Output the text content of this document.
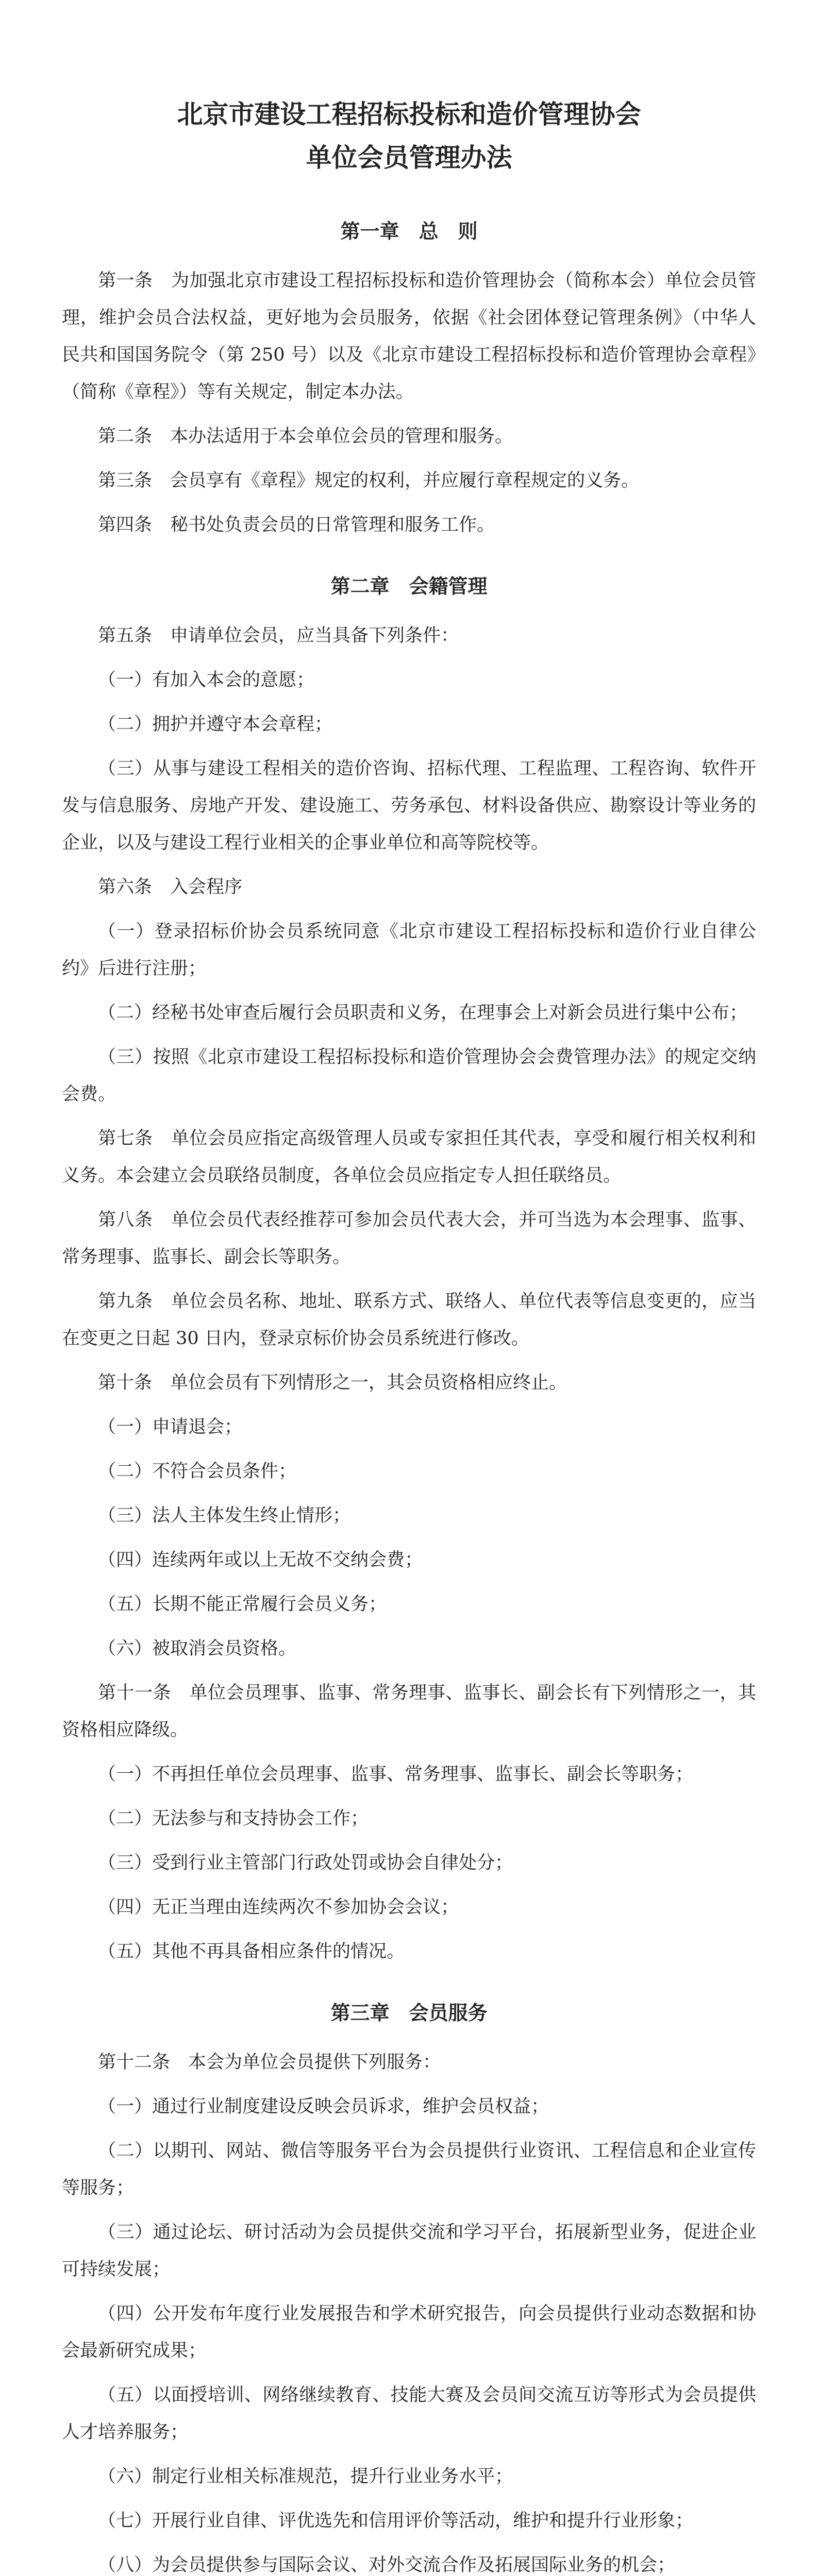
北京市建设工程招标投标和造价管理协会
单位会员管理办法
第一章　总　则

第一条　 为加强北京市建设工程招标投标和造价管理协会（简称本会）单位会员管理，维护会员合法权益，更好地为会员服务，依据《社会团体登记管理条例》（中华人民共和国国务院令（第 250 号）以及《北京市建设工程招标投标和造价管理协会章程》（简称《章程》）等有关规定，制定本办法。

第二条　 本办法适用于本会单位会员的管理和服务。

第三条　 会员享有《章程》规定的权利，并应履行章程规定的义务。

第四条　 秘书处负责会员的日常管理和服务工作。

第二章　会籍管理

第五条　 申请单位会员，应当具备下列条件：

（一）有加入本会的意愿；

（二）拥护并遵守本会章程；

（三）从事与建设工程相关的造价咨询、招标代理、工程监理、工程咨询、软件开发与信息服务、房地产开发、建设施工、劳务承包、材料设备供应、勘察设计等业务的企业，以及与建设工程行业相关的企事业单位和高等院校等。

第六条　 入会程序

（一）登录招标价协会员系统同意《北京市建设工程招标投标和造价行业自律公约》后进行注册；

（二）经秘书处审查后履行会员职责和义务，在理事会上对新会员进行集中公布；

（三）按照《北京市建设工程招标投标和造价管理协会会费管理办法》的规定交纳会费。

第七条　 单位会员应指定高级管理人员或专家担任其代表，享受和履行相关权利和义务。本会建立会员联络员制度，各单位会员应指定专人担任联络员。

第八条　 单位会员代表经推荐可参加会员代表大会，并可当选为本会理事、监事、常务理事、监事长、副会长等职务。

第九条　 单位会员名称、地址、联系方式、联络人、单位代表等信息变更的，应当在变更之日起 30 日内，登录京标价协会员系统进行修改。

第十条　 单位会员有下列情形之一，其会员资格相应终止。

（一）申请退会；

（二）不符合会员条件；

（三）法人主体发生终止情形；

（四）连续两年或以上无故不交纳会费；

（五）长期不能正常履行会员义务；

（六）被取消会员资格。

第十一条　 单位会员理事、监事、常务理事、监事长、副会长有下列情形之一，其资格相应降级。

（一）不再担任单位会员理事、监事、常务理事、监事长、副会长等职务；

（二）无法参与和支持协会工作；

（三）受到行业主管部门行政处罚或协会自律处分；

（四）无正当理由连续两次不参加协会会议；

（五）其他不再具备相应条件的情况。

第三章　会员服务

第十二条　 本会为单位会员提供下列服务：

（一）通过行业制度建设反映会员诉求，维护会员权益；

（二）以期刊、网站、微信等服务平台为会员提供行业资讯、工程信息和企业宣传等服务；

（三）通过论坛、研讨活动为会员提供交流和学习平台，拓展新型业务，促进企业可持续发展；

（四）公开发布年度行业发展报告和学术研究报告，向会员提供行业动态数据和协会最新研究成果；

（五）以面授培训、网络继续教育、技能大赛及会员间交流互访等形式为会员提供人才培养服务；

（六）制定行业相关标准规范，提升行业业务水平；

（七）开展行业自律、评优选先和信用评价等活动，维护和提升行业形象；

（八）为会员提供参与国际会议、对外交流合作及拓展国际业务的机会；
